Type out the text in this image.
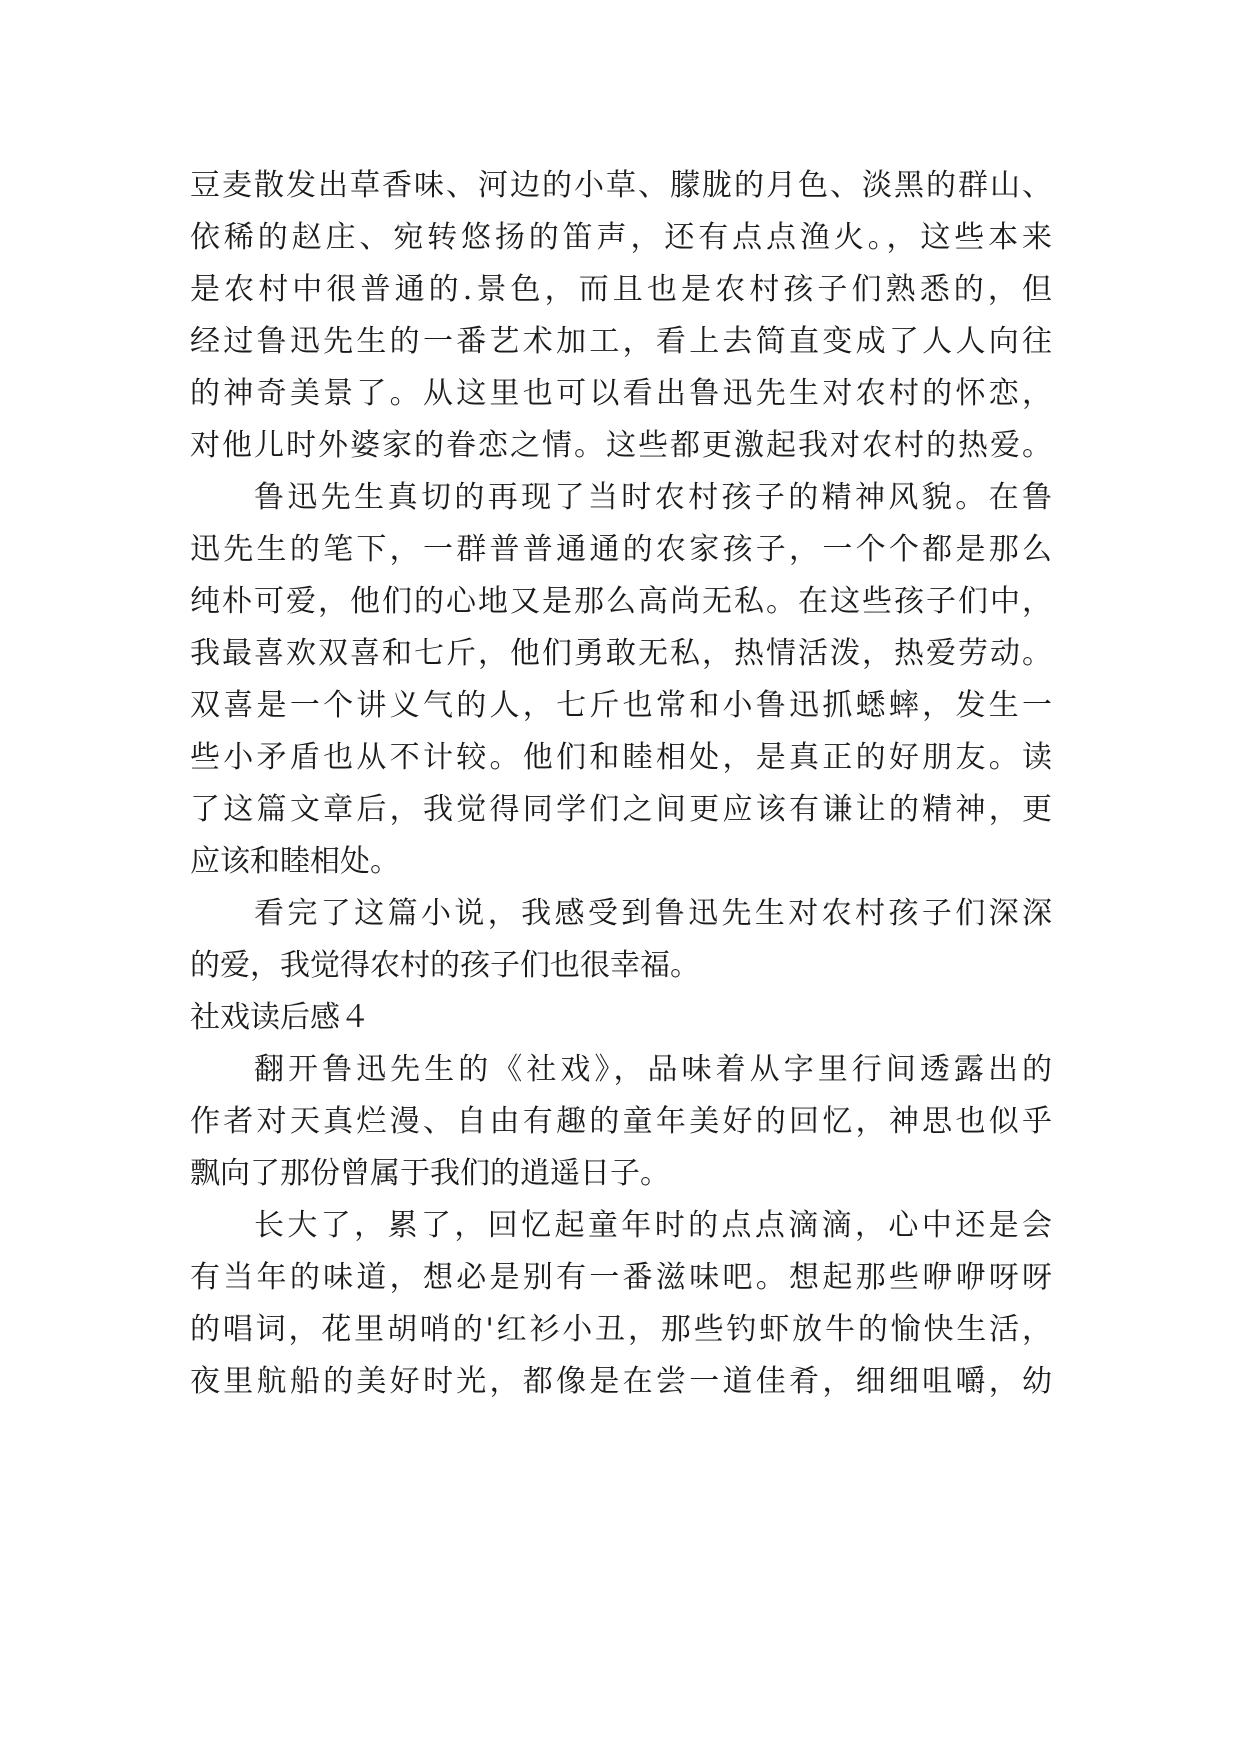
豆麦散发出草香味、河边的小草、朦胧的月色、淡黑的群山、
依稀的赵庄、宛转悠扬的笛声，还有点点渔火。，这些本来
是农村中很普通的.景色，而且也是农村孩子们熟悉的，但
经过鲁迅先生的一番艺术加工，看上去简直变成了人人向往
的神奇美景了。从这里也可以看出鲁迅先生对农村的怀恋，
对他儿时外婆家的眷恋之情。这些都更激起我对农村的热爱。
鲁迅先生真切的再现了当时农村孩子的精神风貌。在鲁
迅先生的笔下，一群普普通通的农家孩子，一个个都是那么
纯朴可爱，他们的心地又是那么高尚无私。在这些孩子们中，
我最喜欢双喜和七斤，他们勇敢无私，热情活泼，热爱劳动。
双喜是一个讲义气的人，七斤也常和小鲁迅抓蟋蟀，发生一
些小矛盾也从不计较。他们和睦相处，是真正的好朋友。读
了这篇文章后，我觉得同学们之间更应该有谦让的精神，更
应该和睦相处。
看完了这篇小说，我感受到鲁迅先生对农村孩子们深深
的爱，我觉得农村的孩子们也很幸福。
社戏读后感４
翻开鲁迅先生的《社戏》，品味着从字里行间透露出的
作者对天真烂漫、自由有趣的童年美好的回忆，神思也似乎
飘向了那份曾属于我们的逍遥日子。
长大了，累了，回忆起童年时的点点滴滴，心中还是会
有当年的味道，想必是别有一番滋味吧。想起那些咿咿呀呀
的唱词，花里胡哨的'红衫小丑，那些钓虾放牛的愉快生活，
夜里航船的美好时光，都像是在尝一道佳肴，细细咀嚼，幼
